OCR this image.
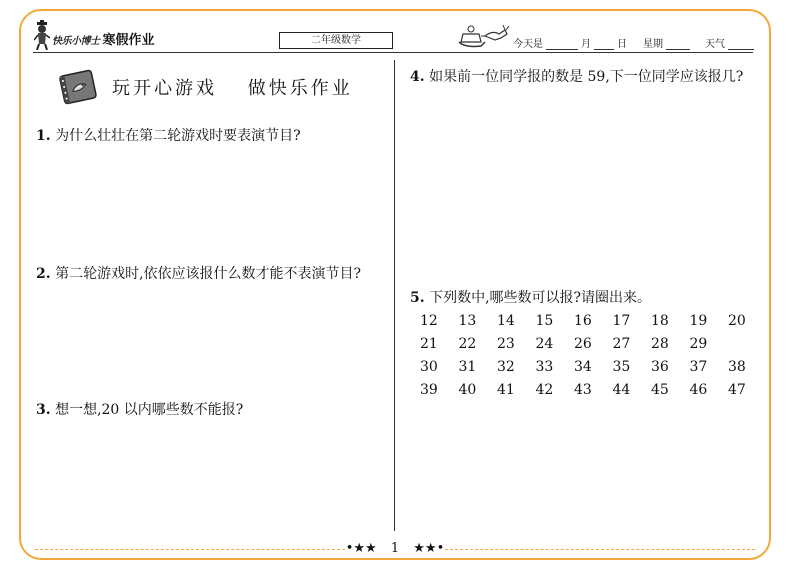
快乐小博士 寒假作业	二年级数学	今天是	月	日 星期	天气
玩开心游戏 做快乐作业
1. 为什么壮壮在第二轮游戏时要表演节目?
2. 第二轮游戏时,依依应该报什么数才能不表演节目?
3. 想一想,20 以内哪些数不能报?
4. 如果前一位同学报的数是 59,下一位同学应该报几?
5. 下列数中,哪些数可以报?请圈出来。
12	13	14	15	16	17	18	19	20
21	22	23	24	26	27	28	29
30	31	32	33	34	35	36	37	38
39	40	41	42	43	44	45	46	47
•★★ 1 ★★•
